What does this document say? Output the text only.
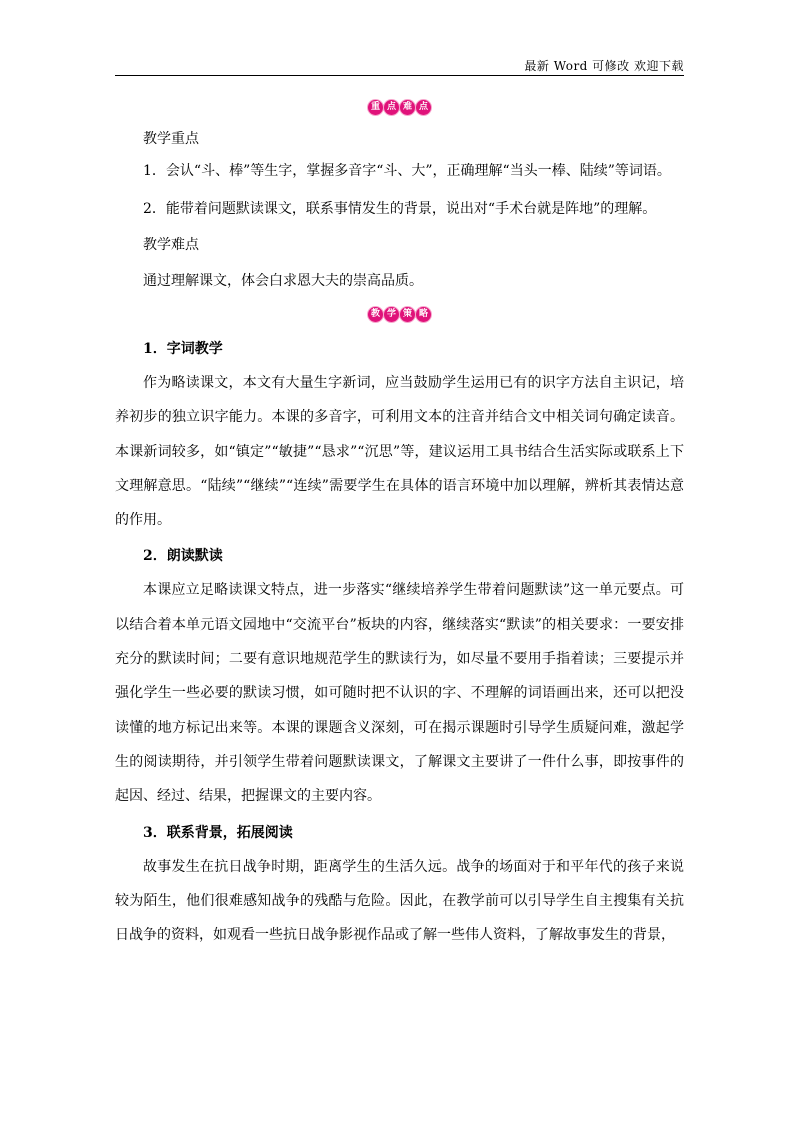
最新 Word 可修改 欢迎下载
重 点 难 点

教学重点

1．会认“斗、棒”等生字，掌握多音字“斗、大”，正确理解“当头一棒、陆续”等词语。

2．能带着问题默读课文，联系事情发生的背景，说出对“手术台就是阵地”的理解。

教学难点

通过理解课文，体会白求恩大夫的崇高品质。

教 学 策 略

1．字词教学

作为略读课文，本文有大量生字新词，应当鼓励学生运用已有的识字方法自主识记，培养初步的独立识字能力。本课的多音字，可利用文本的注音并结合文中相关词句确定读音。本课新词较多，如“镇定”“敏捷”“恳求”“沉思”等，建议运用工具书结合生活实际或联系上下文理解意思。“陆续”“继续”“连续”需要学生在具体的语言环境中加以理解，辨析其表情达意的作用。

2．朗读默读

本课应立足略读课文特点，进一步落实“继续培养学生带着问题默读”这一单元要点。可以结合着本单元语文园地中“交流平台”板块的内容，继续落实“默读”的相关要求：一要安排充分的默读时间；二要有意识地规范学生的默读行为，如尽量不要用手指着读；三要提示并强化学生一些必要的默读习惯，如可随时把不认识的字、不理解的词语画出来，还可以把没读懂的地方标记出来等。本课的课题含义深刻，可在揭示课题时引导学生质疑问难，激起学生的阅读期待，并引领学生带着问题默读课文，了解课文主要讲了一件什么事，即按事件的起因、经过、结果，把握课文的主要内容。

3．联系背景，拓展阅读

故事发生在抗日战争时期，距离学生的生活久远。战争的场面对于和平年代的孩子来说较为陌生，他们很难感知战争的残酷与危险。因此，在教学前可以引导学生自主搜集有关抗日战争的资料，如观看一些抗日战争影视作品或了解一些伟人资料，了解故事发生的背景，
